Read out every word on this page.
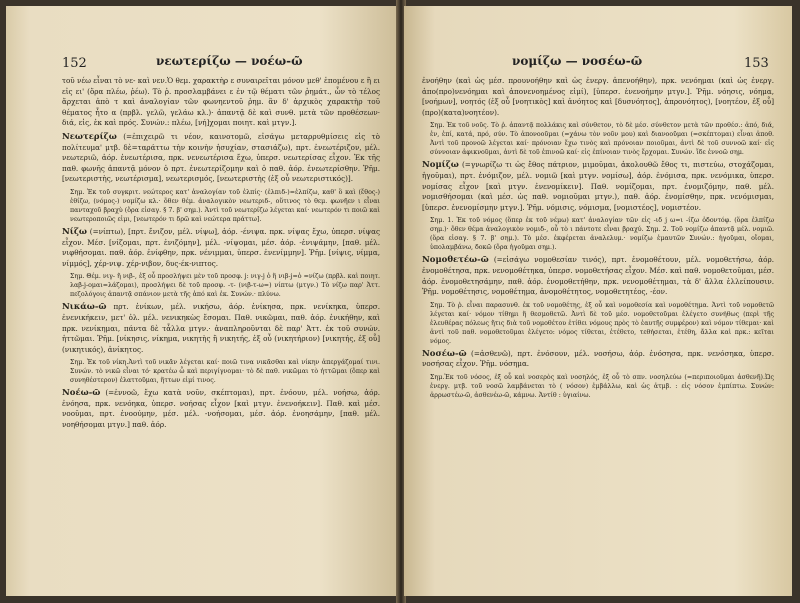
νεωτερίζω — νοέω-ῶ
152

τοῦ νέω εἶναι τὸ νε- καὶ νεν.Ὁ θεμ. χαρακτὴρ ε συναιρεῖται μόνον μεθ' ἑπομένου ε ἢ ει εἰς ει' (ὅρα πλέω, ῥέω). Τὸ ῥ. προσλαμβάνει ε ἐν τῷ θέματι τῶν ῥημάτ., ὧν τὸ τέλος ἄρχεται ἀπὸ τ καὶ ἀναλογίαν τῶν φωνηεντοῦ ῥημ. ἂν δ' ἀρχικὸς χαρακτὴρ τοῦ θέματος ἦτο α (πρβλ. γελῶ, γελάω κλ.)· ἁπαντᾷ δὲ καὶ συνθ. μετὰ τῶν προθέσεων· διά, εἰς, ἐκ καὶ πρός. Συνών.: πλέω, [νή]χομαι ποιητ. καὶ μτγν.].

Νεωτερίζω (=ἐπιχειρῶ τι νέον, καινοτομῶ, εἰσάγω μεταρρυθμίσεις εἰς τὸ πολίτευμα' μτβ. δὲ=ταράττω τὴν κοινὴν ἡσυχίαν, στασιάζω), πρτ. ἐνεωτέριζον, μέλ. νεωτεριῶ, ἀόρ. ἐνεωτέρισα, πρκ. νενεωτέρισα ἔχω, ὑπερσ. νεωτερίσας εἶχον. Ἐκ τῆς παθ. φωνῆς ἀπαντᾷ μόνον ὁ πρτ. ἐνεωτερίζομην καὶ ὁ παθ. ἀόρ. ἐνεωτερίσθην. Ῥῆμ. [νεωτεριστὴς, νεωτέρισμα], νεωτερισμός, [νεωτεριστὴς (ἐξ οὗ νεωτεριστικός)].

Σημ. Ἐκ τοῦ συγκριτ. νεώτερος κατ' ἀναλογίαν τοῦ ἐλπίς· (ἐλπιδ-)=ἐλπίζω, καθ' ὃ καὶ (ἔθος-) ἐθίζω, (νόμος-) νομίζω κλ.· ὅθεν θέμ. ἀναλογικὸν νεωτεριδ-, οὕτινος τὸ θεμ. φωνῆεν ι εἶναι πανταχοῦ βραχὺ (ὅρα εἰσαγ. § 7. β' σημ.). Ἀντὶ τοῦ νεωτερίζω λέγεται καί· νεωτερόν τι ποιῶ καὶ νεωτεροποιῶς εἰμι, [νεωτερόν τι δρῶ καὶ νεώτερα πράττω].

Νίζω (=νίπτω), [πρτ. ἔνιζον, μέλ. νίψω], ἀόρ. -ένιψα. πρκ. νίψας ἔχω, ὑπερσ. νίψας εἶχον. Μέσ. [νίζομαι, πρτ. ἐνιζόμην], μέλ. -νίψομαι, μέσ. ἀόρ. -ἐνιψάμην, [παθ. μέλ. νιφθήσομαι. παθ. ἀόρ. ἐνίφθην, πρκ. νένιμμαι, ὑπερσ. ἐνενίμμην]. Ῥῆμ. [νίψις, νίμμα, νίμμός], χέρ-νιψ. χέρ-νιβον, δυς-έκ-νιπτος.

Σημ. Θέμ. νιγ- ἢ νιβ-, ἐξ οὗ προσλήψει μὲν τοῦ προσφ. j: νιγ-j ὁ ἢ νιβ-j=ὁ =νίζω (πρβλ. καὶ ποιητ. λαβ-j-ομαι=λάζομαι), προσλήψει δὲ τοῦ προσφ. -τ- (νιβ-τ-ω=) νίπτω (μτγν.) Τὸ νίζω παρ' Ἀττ. πεζολόγοις ἀπαντᾷ σπάνιον μετὰ τῆς ἀπό καὶ ἐκ. Συνών.· πλύνω.

Νικάω-ῶ πρτ. ἐνίκων, μέλ. νικήσω, ἀόρ. ἐνίκησα, πρκ. νενίκηκα, ὑπερσ. ἐνενικήκειν, μετ' ὀλ. μέλ. νενικηκὼς ἔσομαι. Παθ. νικῶμαι, παθ. ἀόρ. ἐνικήθην, καὶ πρκ. νενίκημαι, πάντα δὲ τἆλλα μτγν.· ἀναπληροῦνται δὲ παρ' Ἀττ. ἐκ τοῦ συνών. ἡττῶμαι. Ῥῆμ. [νίκησις, νίκημα, νικητὴς ἢ νικητής, ἐξ οὗ (νικητήριον) [νικητής, ἐξ οὗ] (νικητικός), ἀνίκητος.

Σημ. Ἐκ τοῦ νίκη.Ἀντὶ τοῦ νικᾶν λέγεται καί· ποιῶ τινα νικᾶσθαι καὶ νίκην ἀπεργάζομαί τινι. Συνών. τὸ νικῶ εἶναι τό· κρατέω ὧ καὶ περιγίγνομαι· τὸ δὲ παθ. νικῶμαι τὸ ἡττῶμαι (ὅπερ καὶ συνηθέστερον) ἐλαττοῦμαι, ἥττων εἰμί τινος.

Νοέω-ῶ (=ἐννοῶ, ἔχω κατὰ νοῦν, σκέπτομαι), πρτ. ἐνόουν, μέλ. νοήσω, ἀόρ. ἐνόησα, πρκ. νενόηκα, ὑπερσ. νοήσας εἶχον [καὶ μτγν. ἐνενοήκειν]. Παθ. καὶ μέσ. νοοῦμαι, πρτ. ἐνοούμην, μέσ. μέλ. -νοήσομαι, μέσ. ἀόρ. ἐνοησάμην, [παθ. μέλ. νοηθήσομαι μτγν.] παθ. ἀόρ.

νομίζω — νοσέω-ῶ	153

ἐνοήθην (καὶ ὡς μέσ. προυνοήθην καὶ ὡς ἐνεργ. ἀπενοήθην), πρκ. νενόημαι (καὶ ὡς ἐνεργ. ἀπο(προ)νενόημαι καὶ ἀπονενοημένος εἰμί), [ὑπερσ. ἐνενοήμην μτγν.]. Ῥῆμ. νόησις, νόημα, [νοήμων], νοητός (ἐξ οὗ [νοητικὸς] καὶ ἀνόητος καὶ [δυσνόητος], ἀπρονόητος), [νοητέον, ἐξ οὗ] (προ)(κατα)νοητέον).

Σημ. Ἐκ τοῦ νοῦς. Τὸ ῥ. ἀπαντᾷ πολλάκις καὶ σύνθετον, τὸ δὲ μέσ. σύνθετον μετὰ τῶν προθέσ.: ἀπό, διά, ἐν, ἐπί, κατά, πρό, σύν. Τὸ ἀπονοοῦμαι (=χάνω τὸν νοῦν μου) καὶ διανοοῦμαι (=σκέπτομαι) εἶναι ἀποθ. Ἀντὶ τοῦ προνοῶ λέγεται καί· πρόνοιαν ἔχω τινὸς καὶ πρόνοιαν ποιοῦμαι, ἀντὶ δὲ τοῦ συννοῶ καί· εἰς σύννοιαν ἀφικνοῦμαι, ἀντὶ δὲ τοῦ ἐπινοῶ καί· εἰς ἐπίνοιαν τινὸς ἔρχομαι. Συνών. ἴδε ἐννοῶ σημ.

Νομίζω (=γνωρίζω τι ὡς ἔθος πάτριον, μιμοῦμαι, ἀκολουθῶ ἔθος τι, πιστεύω, στοχάζομαι, ἡγοῦμαι), πρτ. ἐνόμιζον, μέλ. νομιῶ [καὶ μτγν. νομίσω], ἀόρ. ἐνόμισα, πρκ. νενόμικα, ὑπερσ. νομίσας εἶχον [καὶ μτγν. ἐνενομίκειν]. Παθ. νομίζομαι, πρτ. ἐνομιζόμην, παθ. μέλ. νομισθήσομαι (καὶ μέσ. ὡς παθ. νομιοῦμαι μτγν.), παθ. ἀόρ. ἐνομίσθην, πρκ. νενόμισμαι, [ὑπερσ. ἐνενομίσμην μτγν.]. Ῥῆμ. νόμισις, νόμισμα, [νομιστέος], νομιστέον.

Σημ. 1. Ἐκ τοῦ νόμος (ὅπερ ἐκ τοῦ νέμω) κατ' ἀναλογίαν τῶν εἰς -ιδ j ω=ι -ίζω ὀδοντόφ. (ὅρα ἐλπίζω σημ.)· ὅθεν θέμα ἀναλογικὸν νομιδ-, οὗ τὸ ι πάντοτε εἶναι βραχύ. Σημ. 2. Τοῦ νομίζω ἀπαντᾷ μέλ. νομιῶ. (ὅρα εἰσαγ. § 7. β' σημ.). Τὸ μέσ. ἐκφέρεται ἀναλελυμ.· νομίζω ἐμαυτῶν Συνών.: ἡγοῦμαι, οἴομαι, ὑπολαμβάνω, δοκῶ (ὅρα ἡγοῦμαι σημ.).

Νομοθετέω-ῶ (=εἰσάγω νομοθεσίαν τινός), πρτ. ἐνομοθέτουν, μέλ. νομοθετήσω, ἀόρ. ἐνομοθέτησα, πρκ. νενομοθέτηκα, ὑπερσ. νομοθετήσας εἶχον. Μέσ. καὶ παθ. νομοθετοῦμαι, μέσ. ἀόρ. ἐνομοθετησάμην, παθ. ἀόρ. ἐνομοθετήθην, πρκ. νενομοθέτημαι, τὰ δ' ἄλλα ἐλλείπουσιν. Ῥῆμ. νομοθέτησις, νομοθέτημα, ἀνομοθέτητος, νομοθετητέος, -έον.

Σημ. Τὸ ῥ. εἶναι παρασυνθ. ἐκ τοῦ νομοθέτης, ἐξ οὗ καὶ νομοθεσία καὶ νομοθέτημα. Ἀντὶ τοῦ νομοθετῶ λέγεται καί· νόμον τίθημι ἢ θεσμοθετῶ. Ἀντὶ δὲ τοῦ μέσ. νομοθετοῦμαι ἐλέγετο συνήθως (περὶ τῆς ἐλευθέρας πόλεως ἥτις διὰ τοῦ νομοθέτου ἐτίθει νόμους πρὸς τὸ ἑαυτῆς συμφέρον) καὶ νόμον τίθεμαι· καὶ ἀντὶ τοῦ παθ. νομοθετοῦμαι ἐλέγετο: νόμος τίθεται, ἐτέθετο, τεθήσεται, ἐτέθη, ἄλλα καὶ πρκ.: κεῖται νόμος.

Νοσέω-ῶ (=ἀσθενῶ), πρτ. ἐνόσουν, μέλ. νοσήσω, ἀόρ. ἐνόσησα, πρκ. νενόσηκα, ὑπερσ. νοσήσας εἶχον. Ῥῆμ. νόσημα.

Σημ.Ἐκ τοῦ νόσος, ἐξ οὗ καὶ νοσερὸς καὶ νοσηλός, ἐξ οὗ τὸ σπν. νοσηλεύω (=περιποιοῦμαι ἀσθενῆ).Ὡς ἐνεργ. μτβ. τοῦ νοσῶ λαμβάνεται τὸ ( νόσον) ἐμβάλλω, καὶ ὡς ἀτμβ. : εἰς νόσον ἐμπίπτω. Συνών: ἀρρωστέω-ῶ, ἀσθενέω-ῶ, κάμνω. Ἀντίθ : ὑγιαίνω.
